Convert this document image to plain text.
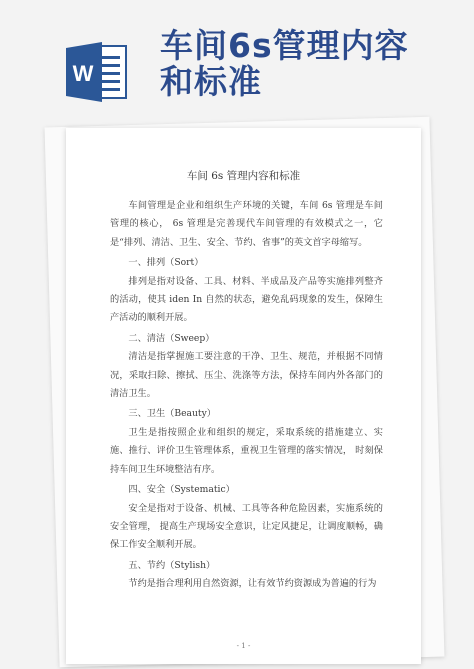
W
车间6s管理内容
和标准
车间 6s 管理内容和标准

车间管理是企业和组织生产环境的关键，车间 6s 管理是车间管理的核心， 6s 管理是完善现代车间管理的有效模式之一，它是“排列、清洁、卫生、安全、节约、省事”的英文首字母缩写。

一、排列（Sort）

排列是指对设备、工具、材料、半成品及产品等实施排列整齐的活动，使其 iden In 自然的状态，避免乱码现象的发生，保障生产活动的顺利开展。

二、清洁（Sweep）

清洁是指掌握施工要注意的干净、卫生、规范，并根据不同情况，采取扫除、擦拭、压尘、洗涤等方法，保持车间内外各部门的清洁卫生。

三、卫生（Beauty）

卫生是指按照企业和组织的规定，采取系统的措施建立、实施、推行、评价卫生管理体系，重视卫生管理的落实情况， 时刻保持车间卫生环境整洁有序。

四、安全（Systematic）

安全是指对于设备、机械、工具等各种危险因素，实施系统的安全管理， 提高生产现场安全意识，让定风捷足，让调度顺畅，确保工作安全顺利开展。

五、节约（Stylish）

节约是指合理利用自然资源，让有效节约资源成为普遍的行为

- 1 -
